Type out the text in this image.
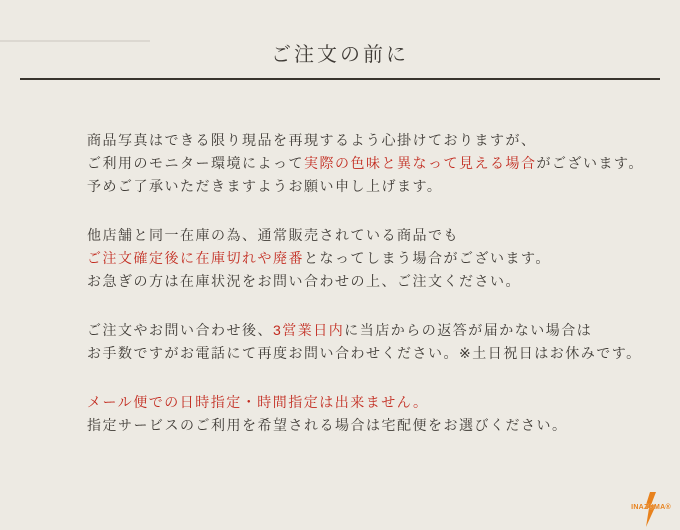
ご注文の前に

商品写真はできる限り現品を再現するよう心掛けておりますが、
ご利用のモニター環境によって実際の色味と異なって見える場合がございます。
予めご了承いただきますようお願い申し上げます。

他店舗と同一在庫の為、通常販売されている商品でも
ご注文確定後に在庫切れや廃番となってしまう場合がございます。
お急ぎの方は在庫状況をお問い合わせの上、ご注文ください。

ご注文やお問い合わせ後、3営業日内に当店からの返答が届かない場合は
お手数ですがお電話にて再度お問い合わせください。※土日祝日はお休みです。

メール便での日時指定・時間指定は出来ません。
指定サービスのご利用を希望される場合は宅配便をお選びください。

INAZUMA®
